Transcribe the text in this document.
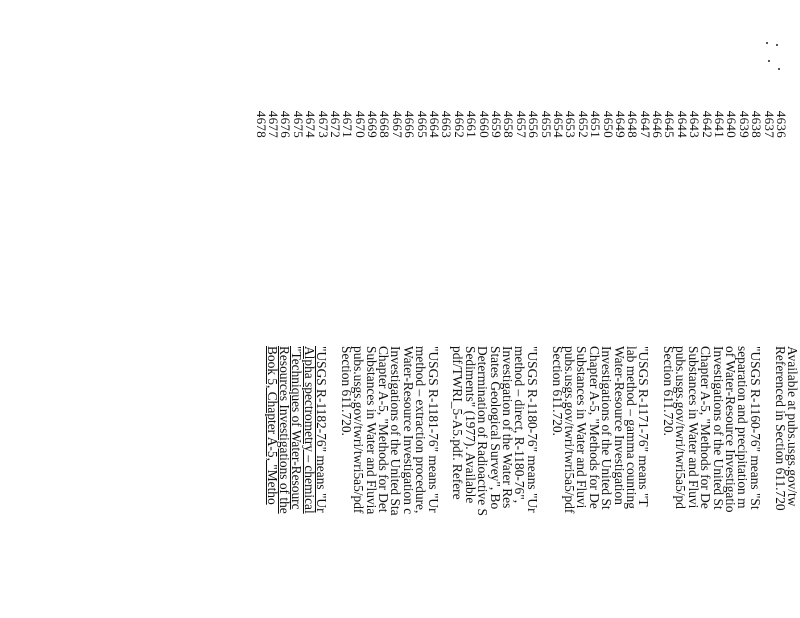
4636
4637
4638
4639
4640
4641
4642
4643
4644
4645
4646
4647
4648
4649
4650
4651
4652
4653
4654
4655
4656
4657
4658
4659
4660
4661
4662
4663
4664
4665
4666
4667
4668
4669
4670
4671
4672
4673
4674
4675
4676
4677
4678
Available at pubs.usgs.gov/tw
Referenced in Section 611.720
"USGS R-1160-76" means "St
separation and precipitation m
of Water-Resource Investigatio
Investigations of the United St
Chapter A-5, "Methods for De
Substances in Water and Fluvi
pubs.usgs.gov/twri/twri5a5/pd
Section 611.720.
"USGS R-1171-76" means "T
lab method – gamma counting
Water-Resource Investigation
Investigations of the United St
Chapter A-5, "Methods for De
Substances in Water and Fluvi
pubs.usgs.gov/twri/twri5a5/pdf
Section 611.720.
"USGS R-1180-76" means "Ur
method – direct, R-1180-76",
Investigation of the Water Res
States Geological Survey", Bo
Determination of Radioactive S
Sediments" (1977). Available
pdf/TWRI_5-A5.pdf. Refere
"USGS R-1181-76" means "Ur
method – extraction procedure,
Water-Resource Investigation c
Investigations of the United Sta
Chapter A-5, "Methods for Det
Substances in Water and Fluvia
pubs.usgs.gov/twri/twri5a5/pdf
Section 611.720.
"USGS R-1182-76" means "Ur
Alpha spectrometry – chemical
"Techniques of Water-Resourc
Resources Investigations of the
Book 5, Chapter A-5, "Metho
